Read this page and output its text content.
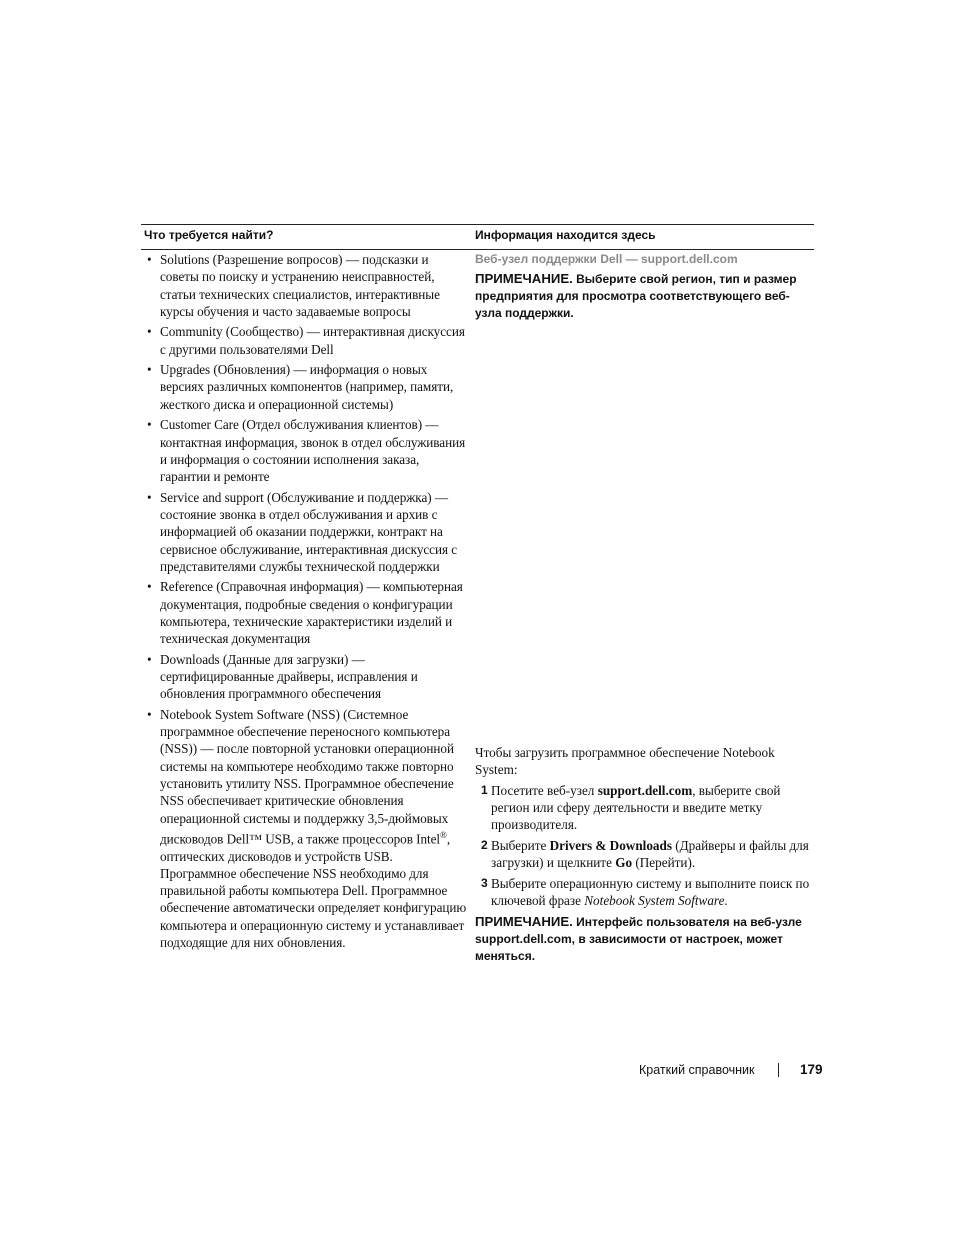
Что требуется найти?	Информация находится здесь
• Solutions (Разрешение вопросов) — подсказки и советы по поиску и устранению неисправностей, статьи технических специалистов, интерактивные курсы обучения и часто задаваемые вопросы
• Community (Сообщество) — интерактивная дискуссия с другими пользователями Dell
• Upgrades (Обновления) — информация о новых версиях различных компонентов (например, памяти, жесткого диска и операционной системы)
• Customer Care (Отдел обслуживания клиентов) — контактная информация, звонок в отдел обслуживания и информация о состоянии исполнения заказа, гарантии и ремонте
• Service and support (Обслуживание и поддержка) — состояние звонка в отдел обслуживания и архив с информацией об оказании поддержки, контракт на сервисное обслуживание, интерактивная дискуссия с представителями службы технической поддержки
• Reference (Справочная информация) — компьютерная документация, подробные сведения о конфигурации компьютера, технические характеристики изделий и техническая документация
• Downloads (Данные для загрузки) — сертифицированные драйверы, исправления и обновления программного обеспечения
• Notebook System Software (NSS) (Системное программное обеспечение переносного компьютера (NSS)) — после повторной установки операционной системы на компьютере необходимо также повторно установить утилиту NSS. Программное обеспечение NSS обеспечивает критические обновления операционной системы и поддержку 3,5-дюймовых дисководов Dell™ USB, а также процессоров Intel®, оптических дисководов и устройств USB. Программное обеспечение NSS необходимо для правильной работы компьютера Dell. Программное обеспечение автоматически определяет конфигурацию компьютера и операционную систему и устанавливает подходящие для них обновления.
Веб-узел поддержки Dell — support.dell.com
ПРИМЕЧАНИЕ. Выберите свой регион, тип и размер предприятия для просмотра соответствующего веб-узла поддержки.

Чтобы загрузить программное обеспечение Notebook System:

1 Посетите веб-узел support.dell.com, выберите свой регион или сферу деятельности и введите метку производителя.
2 Выберите Drivers & Downloads (Драйверы и файлы для загрузки) и щелкните Go (Перейти).
3 Выберите операционную систему и выполните поиск по ключевой фразе Notebook System Software.
ПРИМЕЧАНИЕ. Интерфейс пользователя на веб-узле support.dell.com, в зависимости от настроек, может меняться.
Краткий справочник	179
